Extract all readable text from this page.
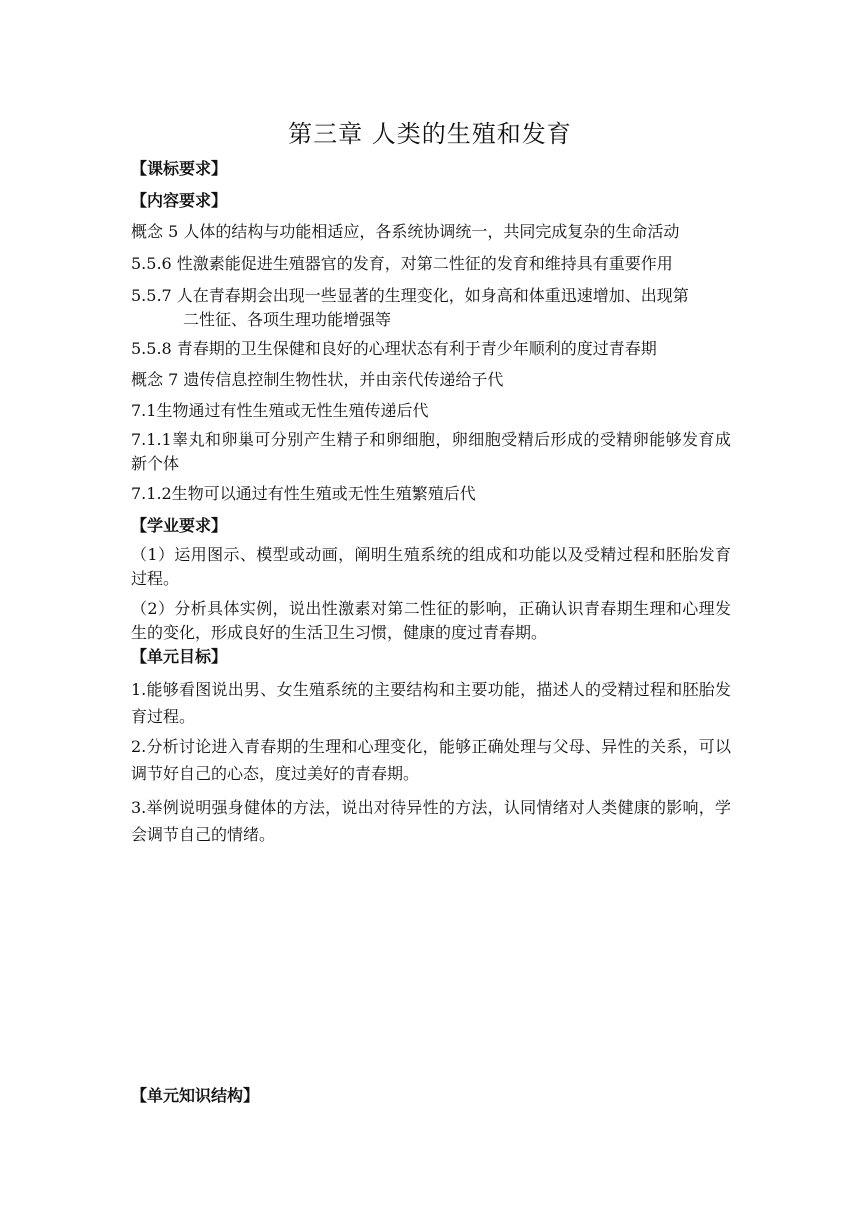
第三章 人类的生殖和发育
【课标要求】
【内容要求】
概念 5 人体的结构与功能相适应，各系统协调统一，共同完成复杂的生命活动
5.5.6 性激素能促进生殖器官的发育，对第二性征的发育和维持具有重要作用
5.5.7 人在青春期会出现一些显著的生理变化，如身高和体重迅速增加、出现第
二性征、各项生理功能增强等
5.5.8 青春期的卫生保健和良好的心理状态有利于青少年顺利的度过青春期
概念 7 遗传信息控制生物性状，并由亲代传递给子代
7.1生物通过有性生殖或无性生殖传递后代
7.1.1睾丸和卵巢可分别产生精子和卵细胞，卵细胞受精后形成的受精卵能够发育成新个体
7.1.2生物可以通过有性生殖或无性生殖繁殖后代
【学业要求】
（1）运用图示、模型或动画，阐明生殖系统的组成和功能以及受精过程和胚胎发育过程。
（2）分析具体实例，说出性激素对第二性征的影响，正确认识青春期生理和心理发生的变化，形成良好的生活卫生习惯，健康的度过青春期。
【单元目标】
1.能够看图说出男、女生殖系统的主要结构和主要功能，描述人的受精过程和胚胎发育过程。
2.分析讨论进入青春期的生理和心理变化，能够正确处理与父母、异性的关系，可以调节好自己的心态，度过美好的青春期。
3.举例说明强身健体的方法，说出对待异性的方法，认同情绪对人类健康的影响，学会调节自己的情绪。
【单元知识结构】
